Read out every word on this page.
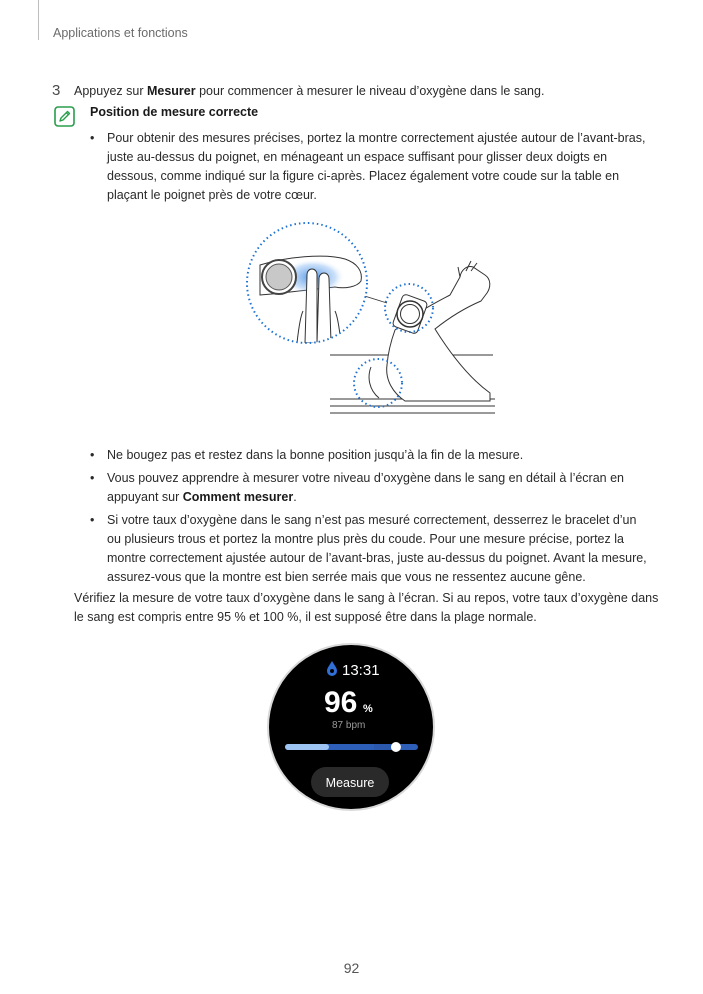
Applications et fonctions
3 Appuyez sur Mesurer pour commencer à mesurer le niveau d’oxygène dans le sang.
Position de mesure correcte
• Pour obtenir des mesures précises, portez la montre correctement ajustée autour de l’avant-bras,
juste au-dessus du poignet, en ménageant un espace suffisant pour glisser deux doigts en
dessous, comme indiqué sur la figure ci-après. Placez également votre coude sur la table en
plaçant le poignet près de votre cœur.
• Ne bougez pas et restez dans la bonne position jusqu’à la fin de la mesure.
• Vous pouvez apprendre à mesurer votre niveau d’oxygène dans le sang en détail à l’écran en
appuyant sur Comment mesurer.
• Si votre taux d’oxygène dans le sang n’est pas mesuré correctement, desserrez le bracelet d’un
ou plusieurs trous et portez la montre plus près du coude. Pour une mesure précise, portez la
montre correctement ajustée autour de l’avant-bras, juste au-dessus du poignet. Avant la mesure,
assurez-vous que la montre est bien serrée mais que vous ne ressentez aucune gêne.
Vérifiez la mesure de votre taux d’oxygène dans le sang à l’écran. Si au repos, votre taux d’oxygène dans
le sang est compris entre 95 % et 100 %, il est supposé être dans la plage normale.
13:31
96 %
87 bpm
Measure
92
